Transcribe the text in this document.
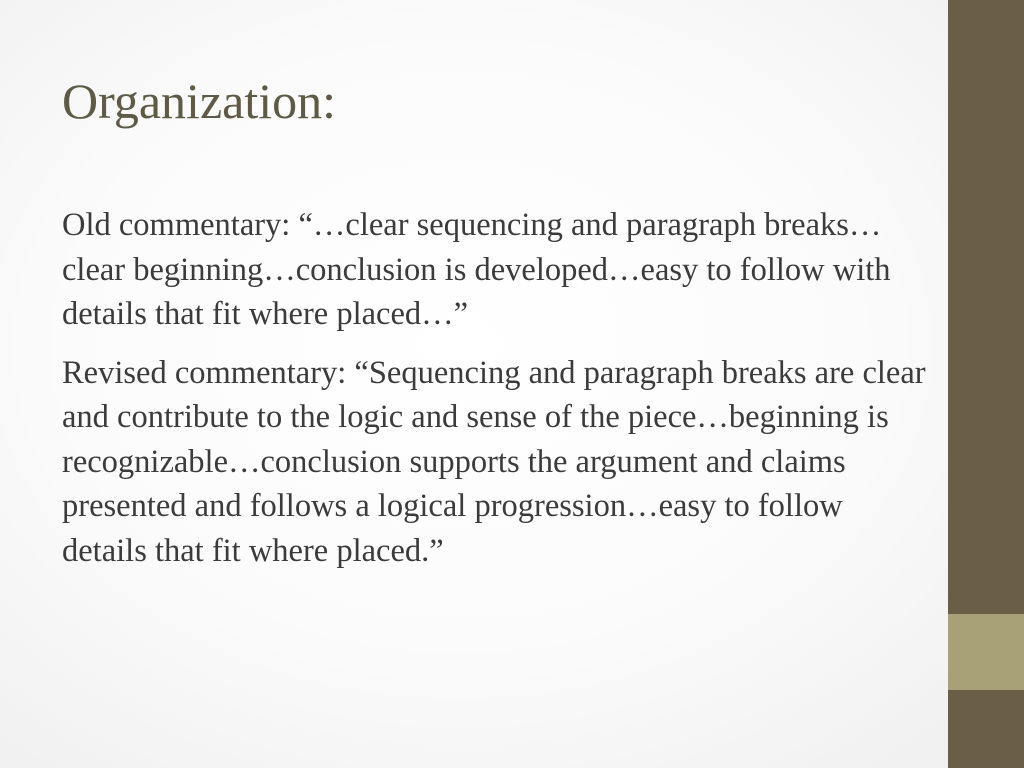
Organization:

Old commentary: “…clear sequencing and paragraph breaks…clear beginning…conclusion is developed…easy to follow with details that fit where placed…”

Revised commentary: “Sequencing and paragraph breaks are clear and contribute to the logic and sense of the piece…beginning is recognizable…conclusion supports the argument and claims presented and follows a logical progression…easy to follow details that fit where placed.”
